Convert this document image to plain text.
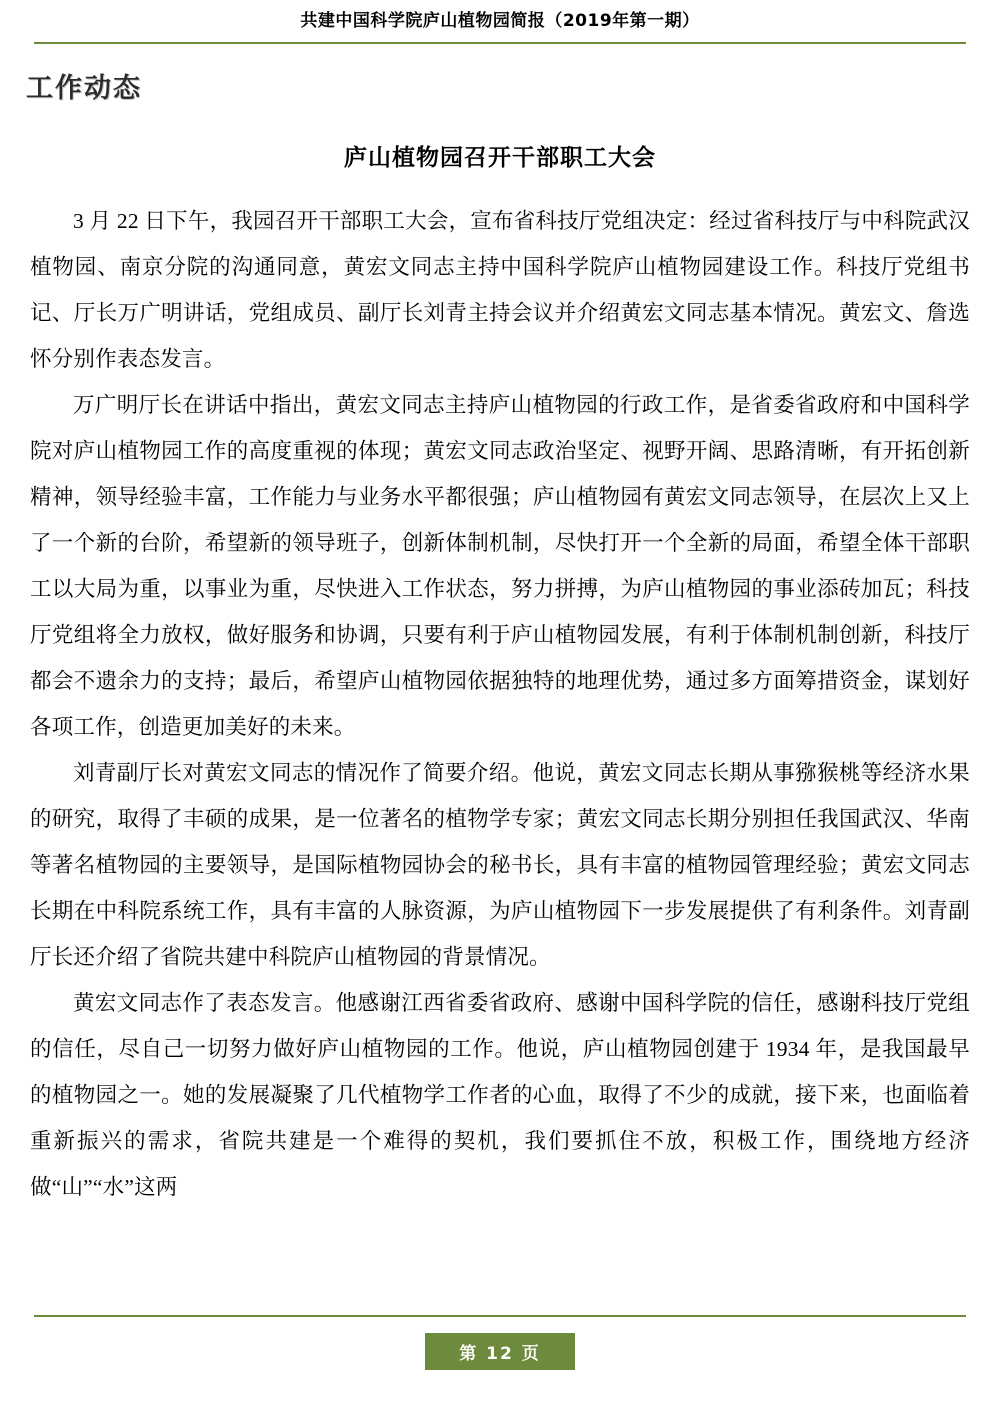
共建中国科学院庐山植物园简报（2019年第一期）
工作动态
庐山植物园召开干部职工大会

3 月 22 日下午，我园召开干部职工大会，宣布省科技厅党组决定：经过省科技厅与中科院武汉植物园、南京分院的沟通同意，黄宏文同志主持中国科学院庐山植物园建设工作。科技厅党组书记、厅长万广明讲话，党组成员、副厅长刘青主持会议并介绍黄宏文同志基本情况。黄宏文、詹选怀分别作表态发言。

万广明厅长在讲话中指出，黄宏文同志主持庐山植物园的行政工作，是省委省政府和中国科学院对庐山植物园工作的高度重视的体现；黄宏文同志政治坚定、视野开阔、思路清晰，有开拓创新精神，领导经验丰富，工作能力与业务水平都很强；庐山植物园有黄宏文同志领导，在层次上又上了一个新的台阶，希望新的领导班子，创新体制机制，尽快打开一个全新的局面，希望全体干部职工以大局为重，以事业为重，尽快进入工作状态，努力拼搏，为庐山植物园的事业添砖加瓦；科技厅党组将全力放权，做好服务和协调，只要有利于庐山植物园发展，有利于体制机制创新，科技厅都会不遗余力的支持；最后，希望庐山植物园依据独特的地理优势，通过多方面筹措资金，谋划好各项工作，创造更加美好的未来。

刘青副厅长对黄宏文同志的情况作了简要介绍。他说，黄宏文同志长期从事猕猴桃等经济水果的研究，取得了丰硕的成果，是一位著名的植物学专家；黄宏文同志长期分别担任我国武汉、华南等著名植物园的主要领导，是国际植物园协会的秘书长，具有丰富的植物园管理经验；黄宏文同志长期在中科院系统工作，具有丰富的人脉资源，为庐山植物园下一步发展提供了有利条件。刘青副厅长还介绍了省院共建中科院庐山植物园的背景情况。

黄宏文同志作了表态发言。他感谢江西省委省政府、感谢中国科学院的信任，感谢科技厅党组的信任，尽自己一切努力做好庐山植物园的工作。他说，庐山植物园创建于 1934 年，是我国最早的植物园之一。她的发展凝聚了几代植物学工作者的心血，取得了不少的成就，接下来，也面临着重新振兴的需求，省院共建是一个难得的契机，我们要抓住不放，积极工作，围绕地方经济做“山”“水”这两

第 12 页
